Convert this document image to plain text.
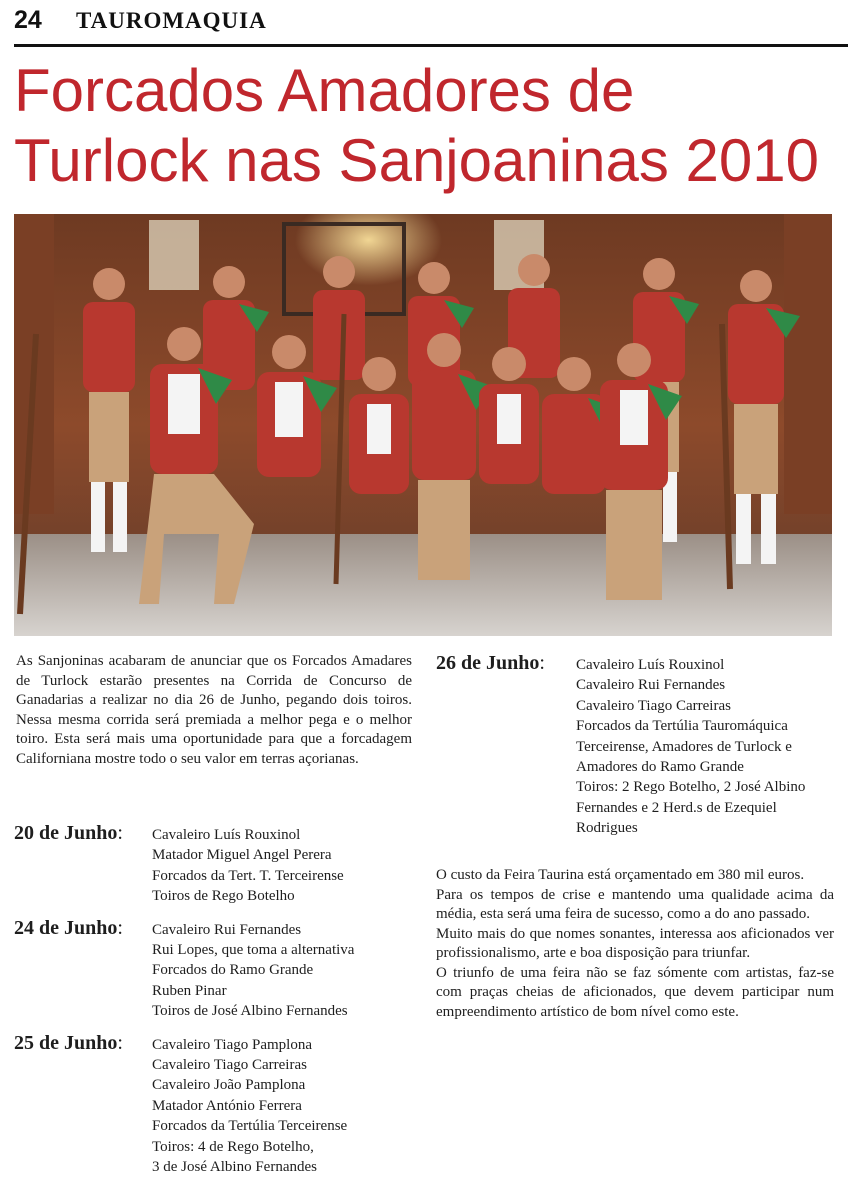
24 TAUROMAQUIA
Forcados Amadores de
Turlock nas Sanjoaninas 2010
As Sanjoninas acabaram de anunciar que os Forcados Amadares de Turlock estarão presentes na Corrida de Concurso de Ganadarias a realizar no dia 26 de Junho, pegando dois toiros. Nessa mesma corrida será premiada a melhor pega e o melhor toiro. Esta será mais uma oportunidade para que a forcadagem Californiana mostre todo o seu valor em terras açorianas.
20 de Junho:	Cavaleiro Luís Rouxinol
Matador Miguel Angel Perera
Forcados da Tert. T. Terceirense
Toiros de Rego Botelho
24 de Junho:	Cavaleiro Rui Fernandes
Rui Lopes, que toma a alternativa
Forcados do Ramo Grande
Ruben Pinar
Toiros de José Albino Fernandes
25 de Junho:	Cavaleiro Tiago Pamplona
Cavaleiro Tiago Carreiras
Cavaleiro João Pamplona
Matador António Ferrera
Forcados da Tertúlia Terceirense
Toiros: 4 de Rego Botelho,
3 de José Albino Fernandes
26 de Junho:	Cavaleiro Luís Rouxinol
Cavaleiro Rui Fernandes
Cavaleiro Tiago Carreiras
Forcados da Tertúlia Tauromáquica Terceirense, Amadores de Turlock e Amadores do Ramo Grande
Toiros: 2 Rego Botelho, 2 José Albino Fernandes e 2 Herd.s de Ezequiel Rodrigues

O custo da Feira Taurina está orçamentado em 380 mil euros.

Para os tempos de crise e mantendo uma qualidade acima da média, esta será uma feira de sucesso, como a do ano passado.

Muito mais do que nomes sonantes, interessa aos aficionados ver profissionalismo, arte e boa disposição para triunfar.

O triunfo de uma feira não se faz sómente com artistas, faz-se com praças cheias de aficionados, que devem participar num empreendimento artístico de bom nível como este.
